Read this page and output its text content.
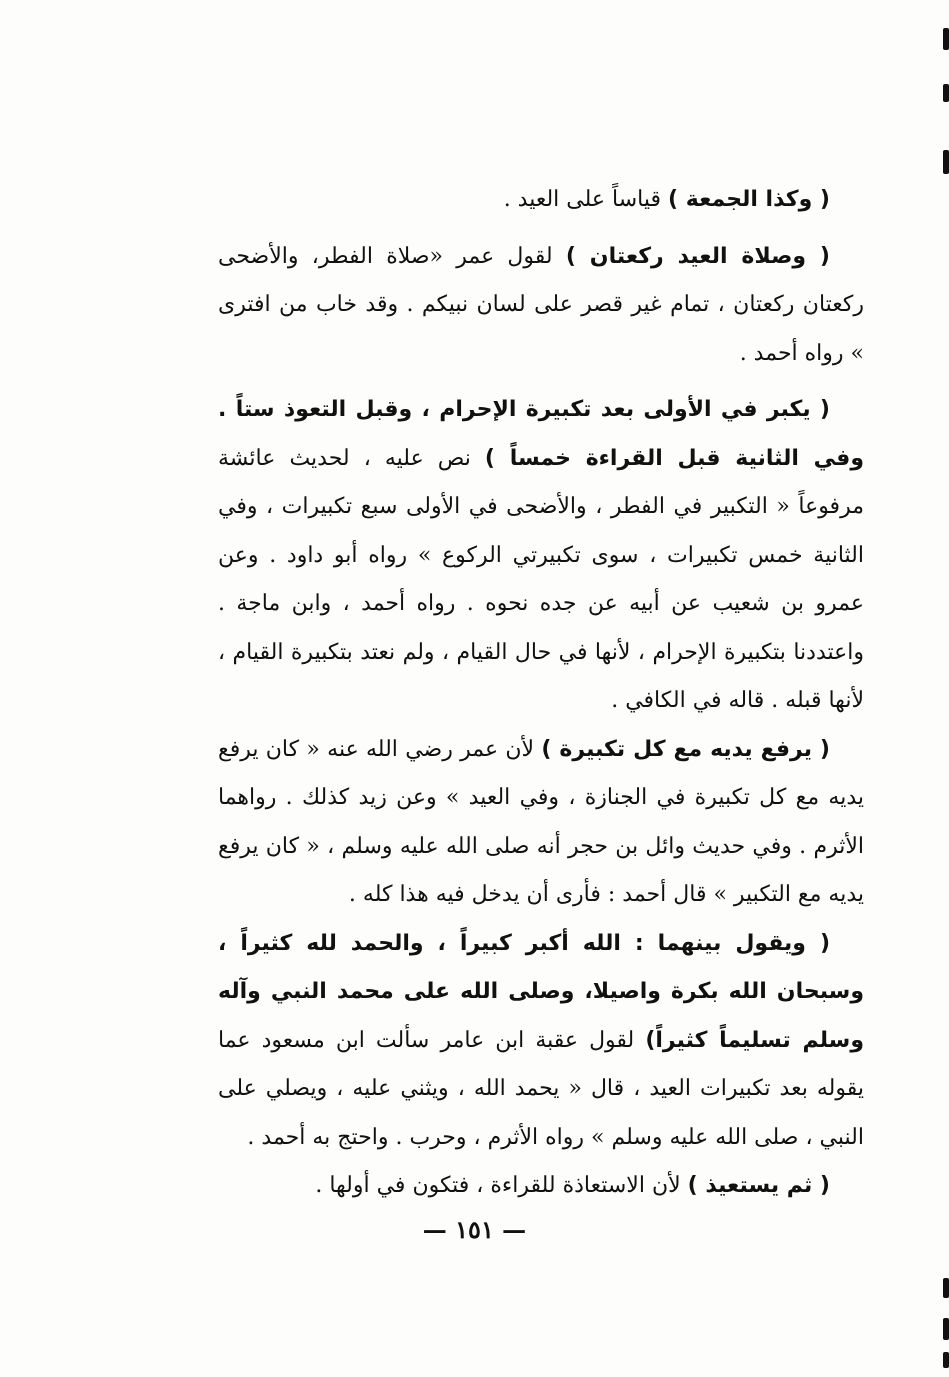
( وكذا الجمعة ) قياساً على العيد .

( وصلاة العيد ركعتان ) لقول عمر «صلاة الفطر، والأضحى ركعتان ركعتان ، تمام غير قصر على لسان نبيكم . وقد خاب من افترى » رواه أحمد .

( يكبر في الأولى بعد تكبيرة الإحرام ، وقبل التعوذ ستاً . وفي الثانية قبل القراءة خمساً ) نص عليه ، لحديث عائشة مرفوعاً « التكبير في الفطر ، والأضحى في الأولى سبع تكبيرات ، وفي الثانية خمس تكبيرات ، سوى تكبيرتي الركوع » رواه أبو داود . وعن عمرو بن شعيب عن أبيه عن جده نحوه . رواه أحمد ، وابن ماجة . واعتددنا بتكبيرة الإحرام ، لأنها في حال القيام ، ولم نعتد بتكبيرة القيام ، لأنها قبله . قاله في الكافي .

( يرفع يديه مع كل تكبيرة ) لأن عمر رضي الله عنه « كان يرفع يديه مع كل تكبيرة في الجنازة ، وفي العيد » وعن زيد كذلك . رواهما الأثرم . وفي حديث وائل بن حجر أنه صلى الله عليه وسلم ، « كان يرفع يديه مع التكبير » قال أحمد : فأرى أن يدخل فيه هذا كله .

( ويقول بينهما : الله أكبر كبيراً ، والحمد لله كثيراً ، وسبحان الله بكرة واصيلا، وصلى الله على محمد النبي وآله وسلم تسليماً كثيراً) لقول عقبة ابن عامر سألت ابن مسعود عما يقوله بعد تكبيرات العيد ، قال « يحمد الله ، ويثني عليه ، ويصلي على النبي ، صلى الله عليه وسلم » رواه الأثرم ، وحرب . واحتج به أحمد .

( ثم يستعيذ ) لأن الاستعاذة للقراءة ، فتكون في أولها .

— ١٥١ —
